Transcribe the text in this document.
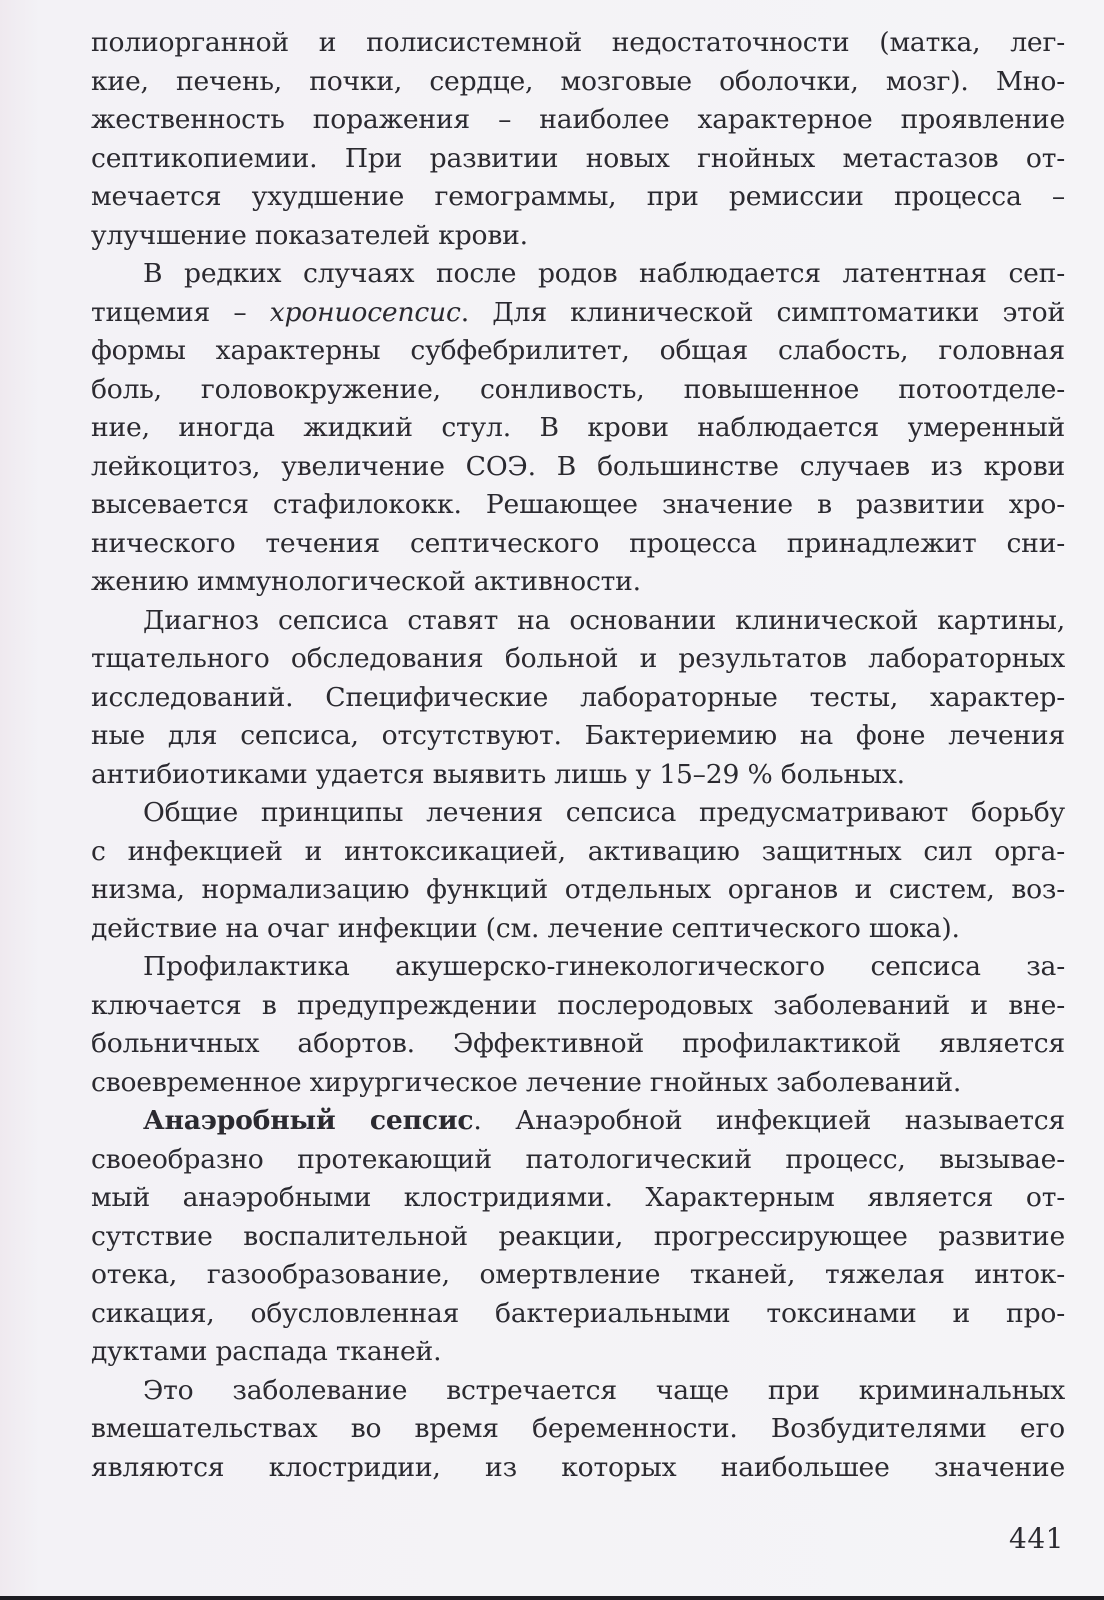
полиорганной и полисистемной недостаточности (матка, лег-
кие, печень, почки, сердце, мозговые оболочки, мозг). Мно-
жественность поражения – наиболее характерное проявление
септикопиемии. При развитии новых гнойных метастазов от-
мечается ухудшение гемограммы, при ремиссии процесса –
улучшение показателей крови.

В редких случаях после родов наблюдается латентная сеп-
тицемия – хрониосепсис. Для клинической симптоматики этой
формы характерны субфебрилитет, общая слабость, головная
боль, головокружение, сонливость, повышенное потоотделе-
ние, иногда жидкий стул. В крови наблюдается умеренный
лейкоцитоз, увеличение СОЭ. В большинстве случаев из крови
высевается стафилококк. Решающее значение в развитии хро-
нического течения септического процесса принадлежит сни-
жению иммунологической активности.

Диагноз сепсиса ставят на основании клинической картины,
тщательного обследования больной и результатов лабораторных
исследований. Специфические лабораторные тесты, характер-
ные для сепсиса, отсутствуют. Бактериемию на фоне лечения
антибиотиками удается выявить лишь у 15–29 % больных.

Общие принципы лечения сепсиса предусматривают борьбу
с инфекцией и интоксикацией, активацию защитных сил орга-
низма, нормализацию функций отдельных органов и систем, воз-
действие на очаг инфекции (см. лечение септического шока).

Профилактика акушерско-гинекологического сепсиса за-
ключается в предупреждении послеродовых заболеваний и вне-
больничных абортов. Эффективной профилактикой является
своевременное хирургическое лечение гнойных заболеваний.

Анаэробный сепсис. Анаэробной инфекцией называется
своеобразно протекающий патологический процесс, вызывае-
мый анаэробными клостридиями. Характерным является от-
сутствие воспалительной реакции, прогрессирующее развитие
отека, газообразование, омертвление тканей, тяжелая инток-
сикация, обусловленная бактериальными токсинами и про-
дуктами распада тканей.

Это заболевание встречается чаще при криминальных
вмешательствах во время беременности. Возбудителями его
являются клостридии, из которых наибольшее значение

441
